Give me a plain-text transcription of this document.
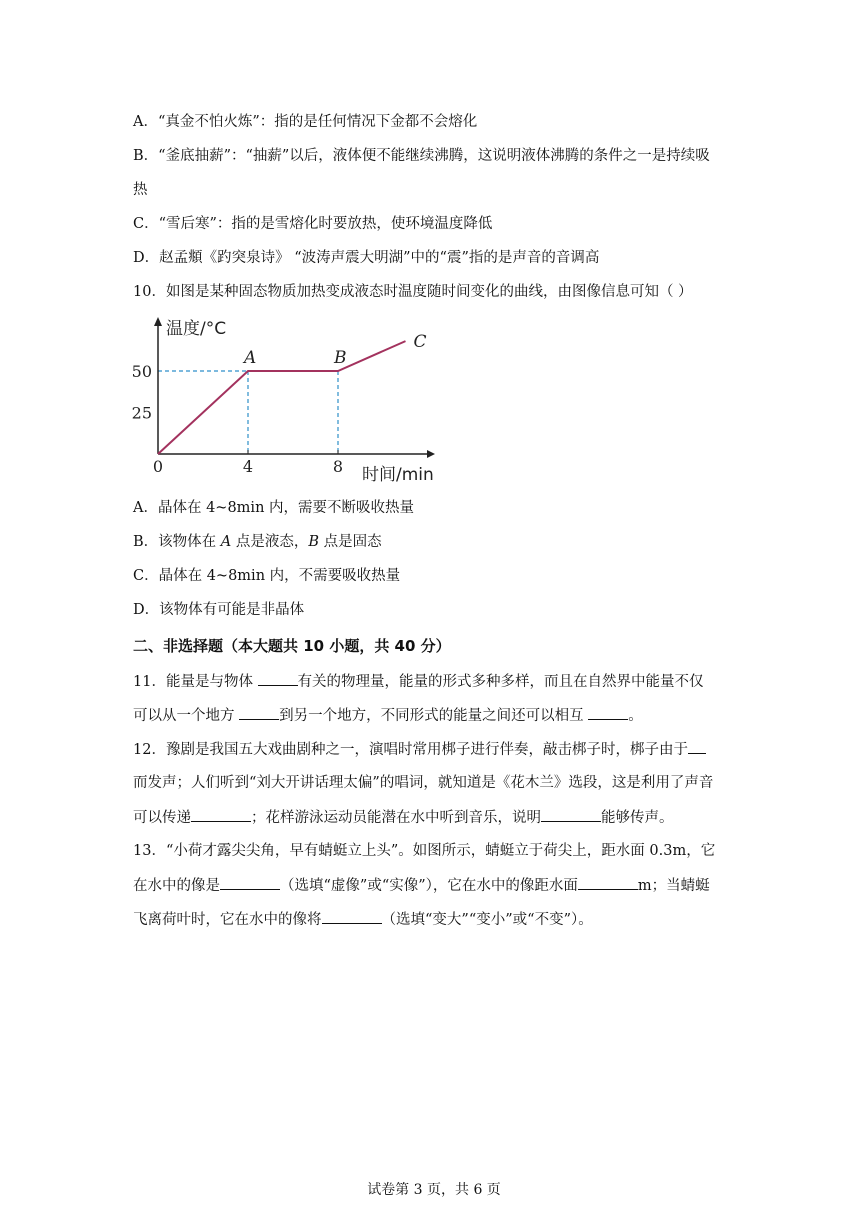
A．“真金不怕火炼”：指的是任何情况下金都不会熔化
B．“釜底抽薪”：“抽薪”以后，液体便不能继续沸腾，这说明液体沸腾的条件之一是持续吸
热
C．“雪后寒”：指的是雪熔化时要放热，使环境温度降低
D．赵孟頫《趵突泉诗》 “波涛声震大明湖”中的“震”指的是声音的音调高
10．如图是某种固态物质加热变成液态时温度随时间变化的曲线，由图像信息可知（ ）
温度/°C
时间/min
0	4	8
25
50
A	B
C
A．晶体在 4~8min 内，需要不断吸收热量
B．该物体在 A 点是液态，B 点是固态
C．晶体在 4~8min 内，不需要吸收热量
D．该物体有可能是非晶体
二、非选择题（本大题共 10 小题，共 40 分）
11．能量是与物体	有关的物理量，能量的形式多种多样，而且在自然界中能量不仅
可以从一个地方	到另一个地方，不同形式的能量之间还可以相互	。
12．豫剧是我国五大戏曲剧种之一，演唱时常用梆子进行伴奏，敲击梆子时，梆子由于
而发声；人们听到“刘大开讲话理太偏”的唱词，就知道是《花木兰》选段，这是利用了声音
可以传递	；花样游泳运动员能潜在水中听到音乐，说明	能够传声。
13．“小荷才露尖尖角，早有蜻蜓立上头”。如图所示，蜻蜓立于荷尖上，距水面 0.3m，它
在水中的像是	（选填“虚像”或“实像”），它在水中的像距水面	m；当蜻蜓
飞离荷叶时，它在水中的像将	（选填“变大”“变小”或“不变”）。
试卷第 3 页，共 6 页
